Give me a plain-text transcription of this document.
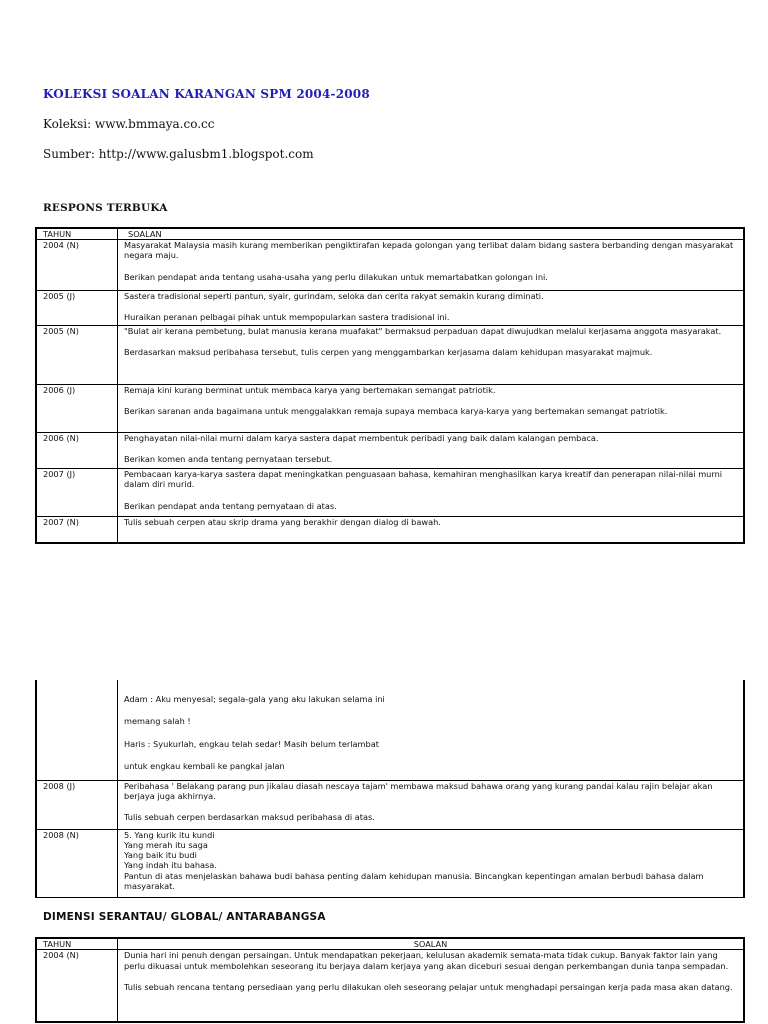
KOLEKSI SOALAN KARANGAN SPM 2004-2008
Koleksi: www.bmmaya.co.cc
Sumber: http://www.galusbm1.blogspot.com
RESPONS TERBUKA
TAHUN	SOALAN
2004 (N)	Masyarakat Malaysia masih kurang memberikan pengiktirafan kepada golongan yang terlibat dalam bidang sastera berbanding dengan masyarakat negara maju.

Berikan pendapat anda tentang usaha-usaha yang perlu dilakukan untuk memartabatkan golongan ini.

2005 (J)	Sastera tradisional seperti pantun, syair, gurindam, seloka dan cerita rakyat semakin kurang diminati.

Huraikan peranan pelbagai pihak untuk mempopularkan sastera tradisional ini.

2005 (N)	"Bulat air kerana pembetung, bulat manusia kerana muafakat" bermaksud perpaduan dapat diwujudkan melalui kerjasama anggota masyarakat.

Berdasarkan maksud peribahasa tersebut, tulis cerpen yang menggambarkan kerjasama dalam kehidupan masyarakat majmuk.

2006 (J)	Remaja kini kurang berminat untuk membaca karya yang bertemakan semangat patriotik.

Berikan saranan anda bagaimana untuk menggalakkan remaja supaya membaca karya-karya yang bertemakan semangat patriotik.

2006 (N)	Penghayatan nilai-nilai murni dalam karya sastera dapat membentuk peribadi yang baik dalam kalangan pembaca.

Berikan komen anda tentang pernyataan tersebut.

2007 (J)	Pembacaan karya-karya sastera dapat meningkatkan penguasaan bahasa, kemahiran menghasilkan karya kreatif dan penerapan nilai-nilai murni dalam diri murid.

Berikan pendapat anda tentang pernyataan di atas.

2007 (N)	Tulis sebuah cerpen atau skrip drama yang berakhir dengan dialog di bawah.

	Adam : Aku menyesal; segala-gala yang aku lakukan selama ini

memang salah !

Haris : Syukurlah, engkau telah sedar! Masih belum terlambat

untuk engkau kembali ke pangkal jalan

2008 (J)	Peribahasa ' Belakang parang pun jikalau diasah nescaya tajam' membawa maksud bahawa orang yang kurang pandai kalau rajin belajar akan berjaya juga akhirnya.

Tulis sebuah cerpen berdasarkan maksud peribahasa di atas.

2008 (N)	5. Yang kurik itu kundi

Yang merah itu saga

Yang baik itu budi

Yang indah itu bahasa.

Pantun di atas menjelaskan bahawa budi bahasa penting dalam kehidupan manusia. Bincangkan kepentingan amalan berbudi bahasa dalam masyarakat.

DIMENSI SERANTAU/ GLOBAL/ ANTARABANGSA
TAHUN	SOALAN
2004 (N)	Dunia hari ini penuh dengan persaingan. Untuk mendapatkan pekerjaan, kelulusan akademik semata-mata tidak cukup. Banyak faktor lain yang perlu dikuasai untuk membolehkan seseorang itu berjaya dalam kerjaya yang akan diceburi sesuai dengan perkembangan dunia tanpa sempadan.

Tulis sebuah rencana tentang persediaan yang perlu dilakukan oleh seseorang pelajar untuk menghadapi persaingan kerja pada masa akan datang.
